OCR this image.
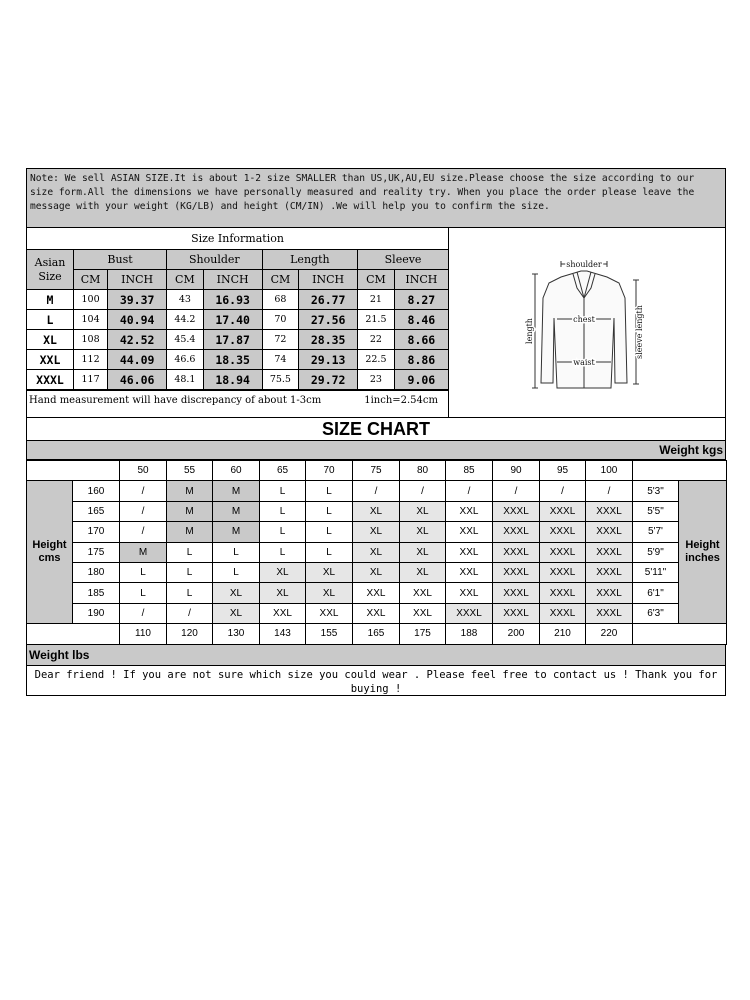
Note: We sell ASIAN SIZE.It is about 1-2 size SMALLER than US,UK,AU,EU size.Please choose the size according to our size form.All the dimensions we have personally measured and reality try. When you place the order please leave the message with your weight (KG/LB) and height (CM/IN) .We will help you to confirm the size.
Size Information								
Asian Size	Bust		Shoulder		Length		Sleeve	
	CM	INCH	CM	INCH	CM	INCH	CM	INCH
M	100	39.37	43	16.93	68	26.77	21	8.27
L	104	40.94	44.2	17.40	70	27.56	21.5	8.46
XL	108	42.52	45.4	17.87	72	28.35	22	8.66
XXL	112	44.09	46.6	18.35	74	29.13	22.5	8.86
XXXL	117	46.06	48.1	18.94	75.5	29.72	23	9.06
Hand measurement will have discrepancy of about 1-3cm	1inch=2.54cm
shoulder
chest
waist
length	sleeve length
SIZE CHART
Weight kgs
		50	55	60	65	70	75	80	85	90	95	100		
Height cms	160	/	M	M	L	L	/	/	/	/	/	/	5'3"	Height inches
	165	/	M	M	L	L	XL	XL	XXL	XXXL	XXXL	XXXL	5'5"	
	170	/	M	M	L	L	XL	XL	XXL	XXXL	XXXL	XXXL	5'7'	
	175	M	L	L	L	L	XL	XL	XXL	XXXL	XXXL	XXXL	5'9"	
	180	L	L	L	XL	XL	XL	XL	XXL	XXXL	XXXL	XXXL	5'11"	
	185	L	L	XL	XL	XL	XXL	XXL	XXL	XXXL	XXXL	XXXL	6'1"	
	190	/	/	XL	XXL	XXL	XXL	XXL	XXXL	XXXL	XXXL	XXXL	6'3"	
		110	120	130	143	155	165	175	188	200	210	220		
Weight lbs
Dear friend ! If you are not sure which size you could wear . Please feel free to contact us ! Thank you for buying !
